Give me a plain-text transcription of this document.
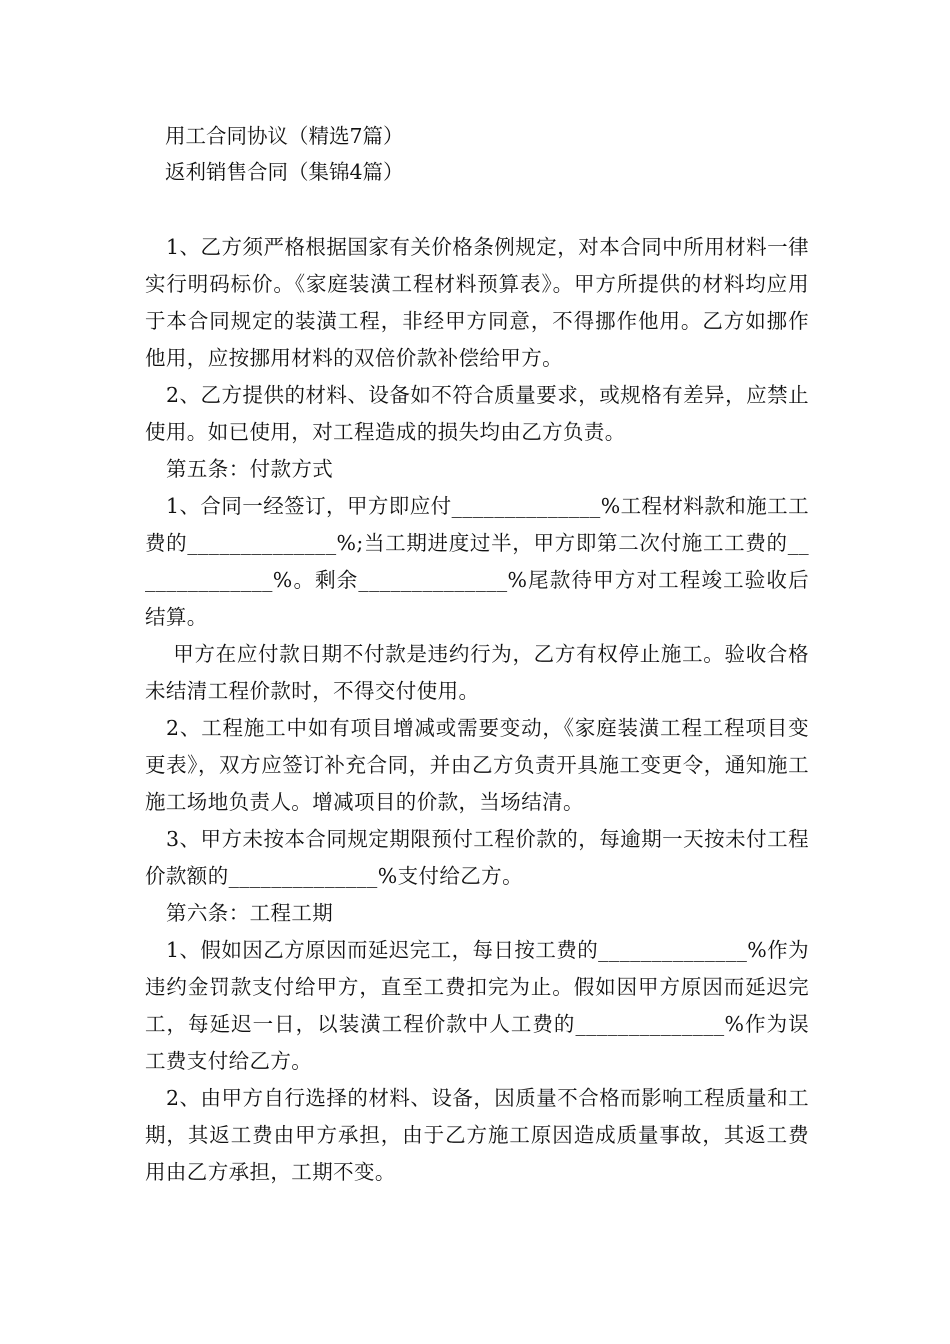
用工合同协议（精选7篇）
返利销售合同（集锦4篇）

1、乙方须严格根据国家有关价格条例规定，对本合同中所用材料一律实行明码标价。《家庭装潢工程材料预算表》。甲方所提供的材料均应用于本合同规定的装潢工程，非经甲方同意，不得挪作他用。乙方如挪作他用，应按挪用材料的双倍价款补偿给甲方。

2、乙方提供的材料、设备如不符合质量要求，或规格有差异，应禁止使用。如已使用，对工程造成的损失均由乙方负责。

第五条：付款方式

1、合同一经签订，甲方即应付______________%工程材料款和施工工费的______________%;当工期进度过半，甲方即第二次付施工工费的______________%。剩余______________%尾款待甲方对工程竣工验收后结算。

甲方在应付款日期不付款是违约行为，乙方有权停止施工。验收合格未结清工程价款时，不得交付使用。

2、工程施工中如有项目增减或需要变动，《家庭装潢工程工程项目变更表》，双方应签订补充合同，并由乙方负责开具施工变更令，通知施工施工场地负责人。增减项目的价款，当场结清。

3、甲方未按本合同规定期限预付工程价款的，每逾期一天按未付工程价款额的______________%支付给乙方。

第六条：工程工期

1、假如因乙方原因而延迟完工，每日按工费的______________%作为违约金罚款支付给甲方，直至工费扣完为止。假如因甲方原因而延迟完工，每延迟一日，以装潢工程价款中人工费的______________%作为误工费支付给乙方。

2、由甲方自行选择的材料、设备，因质量不合格而影响工程质量和工期，其返工费由甲方承担，由于乙方施工原因造成质量事故，其返工费用由乙方承担，工期不变。
